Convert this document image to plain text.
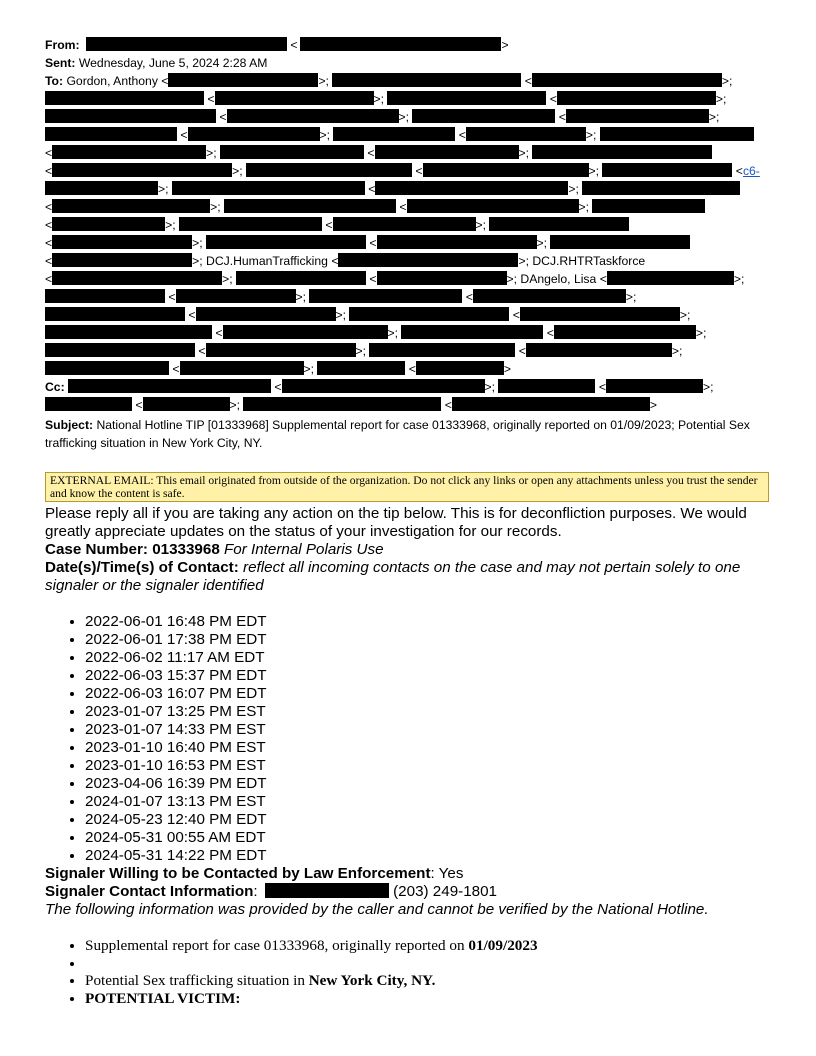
From:	<	>
Sent: Wednesday, June 5, 2024 2:28 AM
To: Gordon, Anthony <	>;	<	>;
<	>;	<	>;
<	>;	<	>;
<	>;	<	>;
<	>;	<	>;
<	>;	<	>;	<c6-
>;	<	>;
<	>;	<	>;
<	>;	<	>;
<	>;	<	>;
<	>; DCJ.HumanTrafficking <	>; DCJ.RHTRTaskforce
<	>;	<	>; DAngelo, Lisa <	>;
<	>;	<	>;
<	>;	<	>;
<	>;	<	>;
<	>;	<	>;
<	>;	<	>
Cc:	<	>;	<	>;
<	>;	<	>
Subject: National Hotline TIP [01333968] Supplemental report for case 01333968, originally reported on 01/09/2023; Potential Sex trafficking situation in New York City, NY.
EXTERNAL EMAIL: This email originated from outside of the organization. Do not click any links or open any attachments unless you trust the sender and know the content is safe.

Please reply all if you are taking any action on the tip below. This is for deconfliction purposes. We would greatly appreciate updates on the status of your investigation for our records.

Case Number: 01333968 For Internal Polaris Use

Date(s)/Time(s) of Contact: reflect all incoming contacts on the case and may not pertain solely to one signaler or the signaler identified

• 2022-06-01 16:48 PM EDT
• 2022-06-01 17:38 PM EDT
• 2022-06-02 11:17 AM EDT
• 2022-06-03 15:37 PM EDT
• 2022-06-03 16:07 PM EDT
• 2023-01-07 13:25 PM EST
• 2023-01-07 14:33 PM EST
• 2023-01-10 16:40 PM EST
• 2023-01-10 16:53 PM EST
• 2023-04-06 16:39 PM EDT
• 2024-01-07 13:13 PM EST
• 2024-05-23 12:40 PM EDT
• 2024-05-31 00:55 AM EDT
• 2024-05-31 14:22 PM EDT

Signaler Willing to be Contacted by Law Enforcement: Yes

Signaler Contact Information:	(203) 249-1801

The following information was provided by the caller and cannot be verified by the National Hotline.

• Supplemental report for case 01333968, originally reported on 01/09/2023
•
• Potential Sex trafficking situation in New York City, NY.
• POTENTIAL VICTIM:
